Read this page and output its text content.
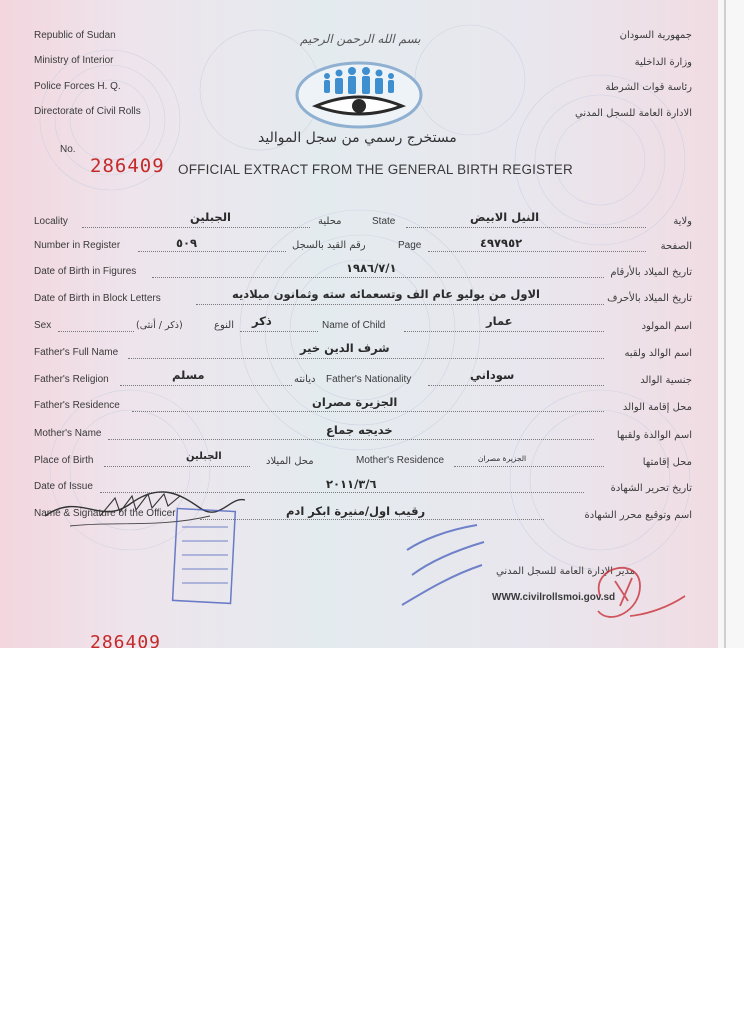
Republic of Sudan
Ministry of Interior
Police Forces H. Q.
Directorate of Civil Rolls
جمهورية السودان
وزارة الداخلية
رئاسة قوات الشرطة
الادارة العامة للسجل المدني
بسم الله الرحمن الرحيم
مستخرج رسمي من سجل المواليد
No.
286409 OFFICIAL EXTRACT FROM THE GENERAL BIRTH REGISTER
Locality	الجبلين	محلية	State	النيل الابيض	ولاية
Number in Register	٥٠٩	رقم القيد بالسجل	Page	٤٩٧٩٥٢	الصفحة
Date of Birth in Figures	١٩٨٦/٧/١	تاريخ الميلاد بالأرقام
Date of Birth in Block Letters	الاول من يوليو عام الف وتسعمائه سته وثمانون ميلاديه	تاريخ الميلاد بالأحرف
Sex	(ذكر / أنثى)	النوع ذكر	Name of Child	عمار	اسم المولود
Father's Full Name	شرف الدين خير	اسم الوالد ولقبه
Father's Religion	مسلم	ديانته Father's Nationality	سوداني	جنسية الوالد
Father's Residence	الجزيرة مصران	محل إقامة الوالد
Mother's Name	خديجه جماع	اسم الوالدة ولقبها
Place of Birth	الجبلين	محل الميلاد	Mother's Residence	الجزيرة مصران	محل إقامتها
Date of Issue	٢٠١١/٣/٦	تاريخ تحرير الشهادة
Name & Signature of the Officer	رقيب اول/منيرة ابكر ادم	اسم وتوقيع محرر الشهادة
مدير الإدارة العامة للسجل المدني
WWW.civilrollsmoi.gov.sd
286409
